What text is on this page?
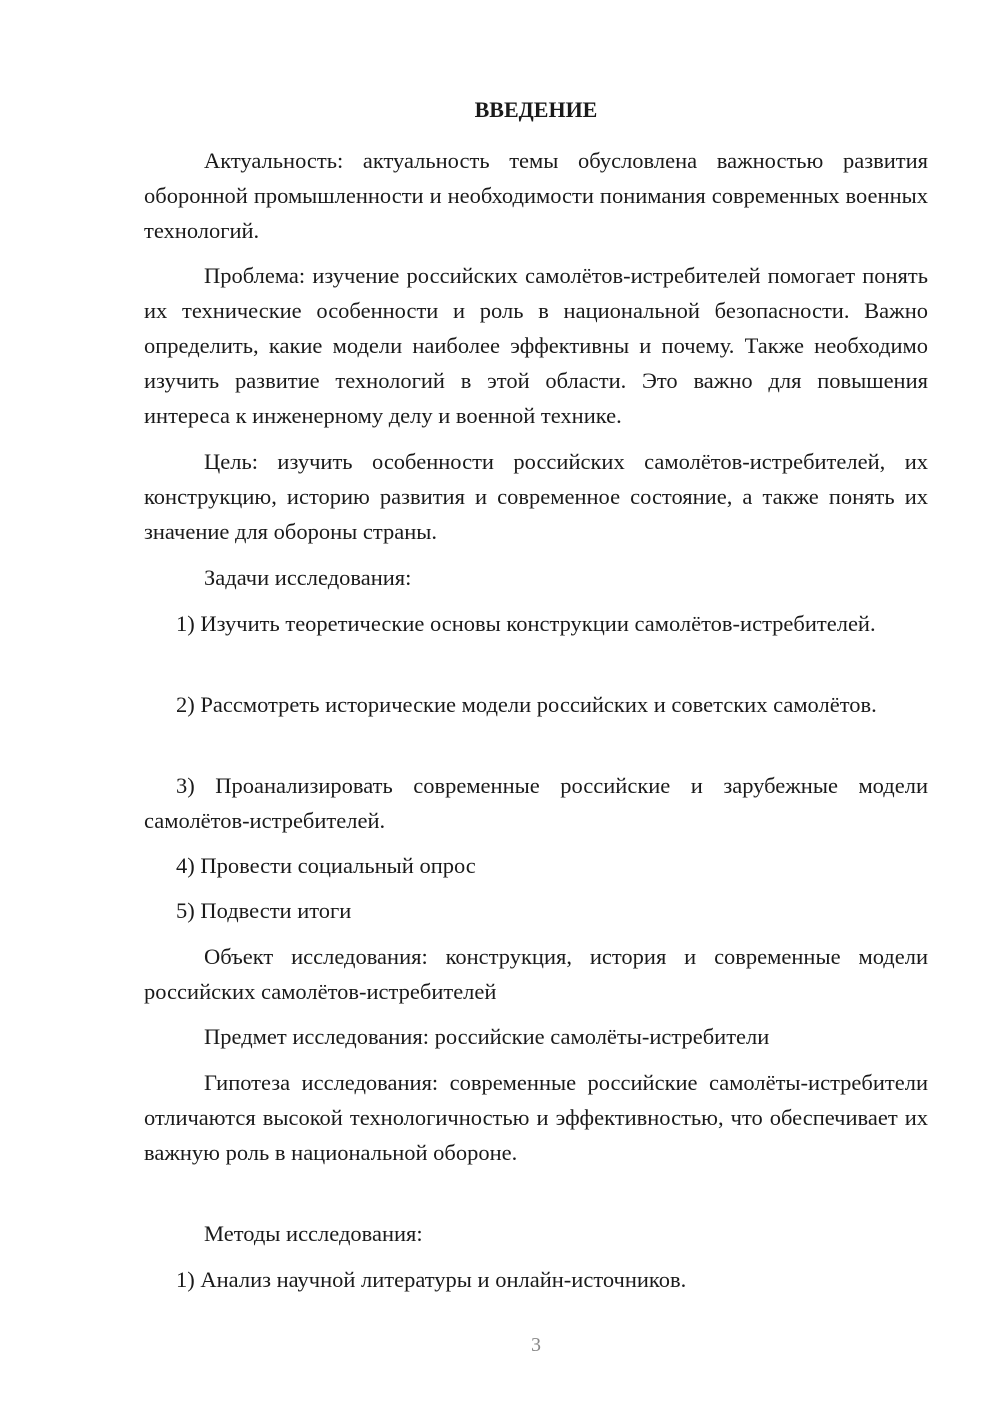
ВВЕДЕНИЕ
Актуальность: актуальность темы обусловлена важностью развития оборонной промышленности и необходимости понимания современных военных технологий.
Проблема: изучение российских самолётов-истребителей помогает понять их технические особенности и роль в национальной безопасности. Важно определить, какие модели наиболее эффективны и почему. Также необходимо изучить развитие технологий в этой области. Это важно для повышения интереса к инженерному делу и военной технике.
Цель: изучить особенности российских самолётов-истребителей, их конструкцию, историю развития и современное состояние, а также понять их значение для обороны страны.
Задачи исследования:
1) Изучить теоретические основы конструкции самолётов-истребителей.
2) Рассмотреть исторические модели российских и советских самолётов.
3) Проанализировать современные российские и зарубежные модели самолётов-истребителей.
4) Провести социальный опрос
5) Подвести итоги
Объект исследования: конструкция, история и современные модели российских самолётов-истребителей
Предмет исследования: российские самолёты-истребители
Гипотеза исследования: современные российские самолёты-истребители отличаются высокой технологичностью и эффективностью, что обеспечивает их важную роль в национальной обороне.
Методы исследования:
1) Анализ научной литературы и онлайн-источников.
3
